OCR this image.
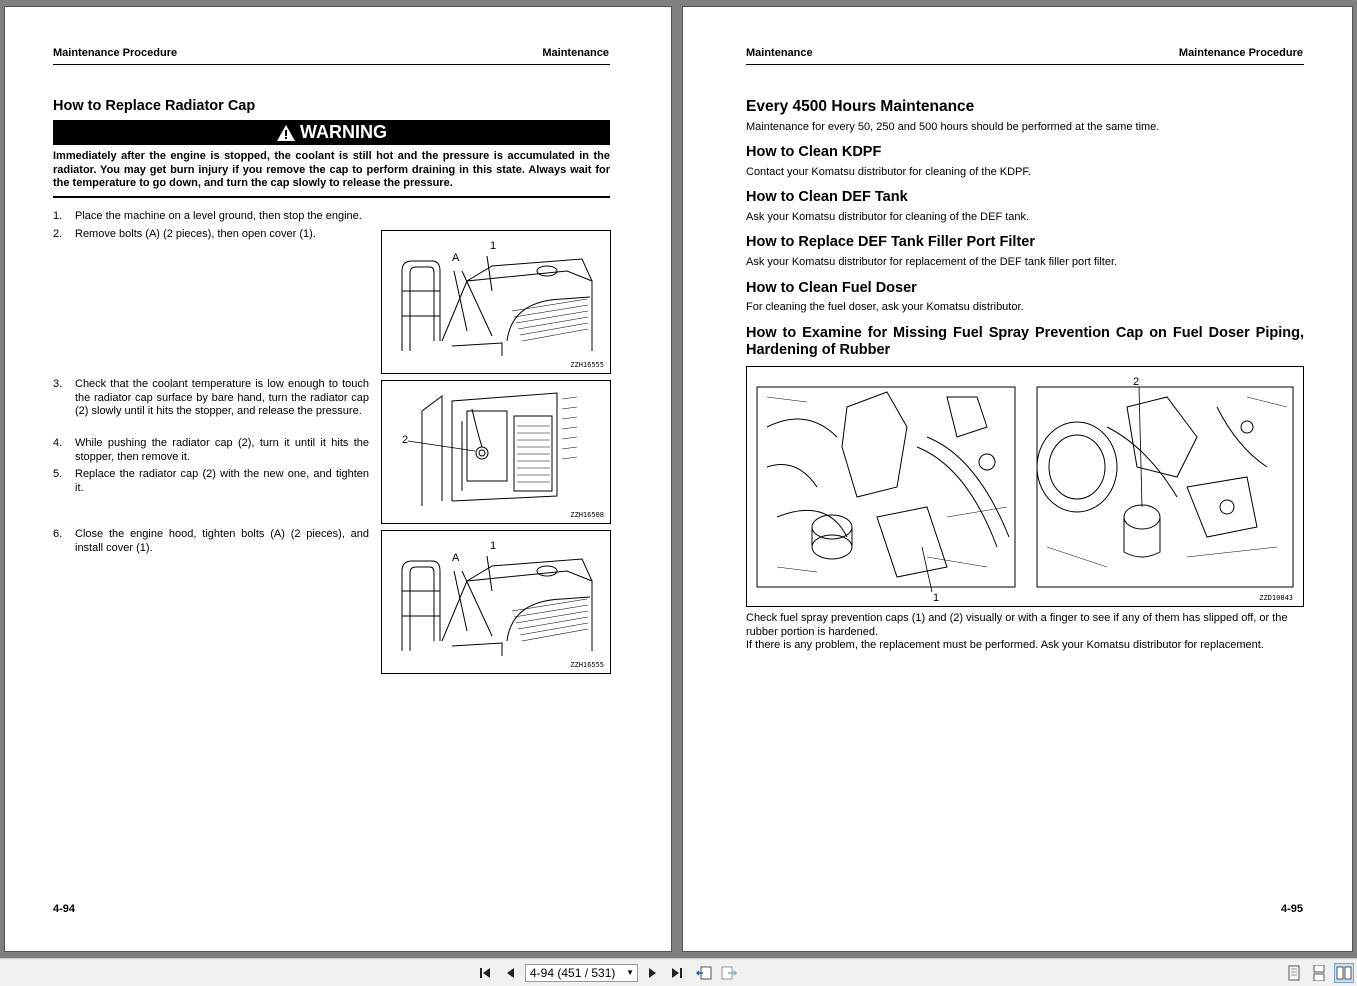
Maintenance Procedure	Maintenance
How to Replace Radiator Cap
WARNING
Immediately after the engine is stopped, the coolant is still hot and the pressure is accumulated in the radiator. You may get burn injury if you remove the cap to perform draining in this state. Always wait for the temperature to go down, and turn the cap slowly to release the pressure.
1. Place the machine on a level ground, then stop the engine.
2. Remove bolts (A) (2 pieces), then open cover (1).
3. Check that the coolant temperature is low enough to touch the radiator cap surface by bare hand, turn the radiator cap (2) slowly until it hits the stopper, and release the pressure.
4. While pushing the radiator cap (2), turn it until it hits the stopper, then remove it.
5. Replace the radiator cap (2) with the new one, and tighten it.
6. Close the engine hood, tighten bolts (A) (2 pieces), and install cover (1).
A
1
ZZH16555
2
ZZH16508
A
1
ZZH16555
4-94
Maintenance	Maintenance Procedure
Every 4500 Hours Maintenance
Maintenance for every 50, 250 and 500 hours should be performed at the same time.
How to Clean KDPF
Contact your Komatsu distributor for cleaning of the KDPF.
How to Clean DEF Tank
Ask your Komatsu distributor for cleaning of the DEF tank.
How to Replace DEF Tank Filler Port Filter
Ask your Komatsu distributor for replacement of the DEF tank filler port filter.
How to Clean Fuel Doser
For cleaning the fuel doser, ask your Komatsu distributor.
How to Examine for Missing Fuel Spray Prevention Cap on Fuel Doser Piping, Hardening of Rubber
1
2
ZZD10843
Check fuel spray prevention caps (1) and (2) visually or with a finger to see if any of them has slipped off, or the rubber portion is hardened.
If there is any problem, the replacement must be performed. Ask your Komatsu distributor for replacement.
4-95
4-94 (451 / 531) ▼
